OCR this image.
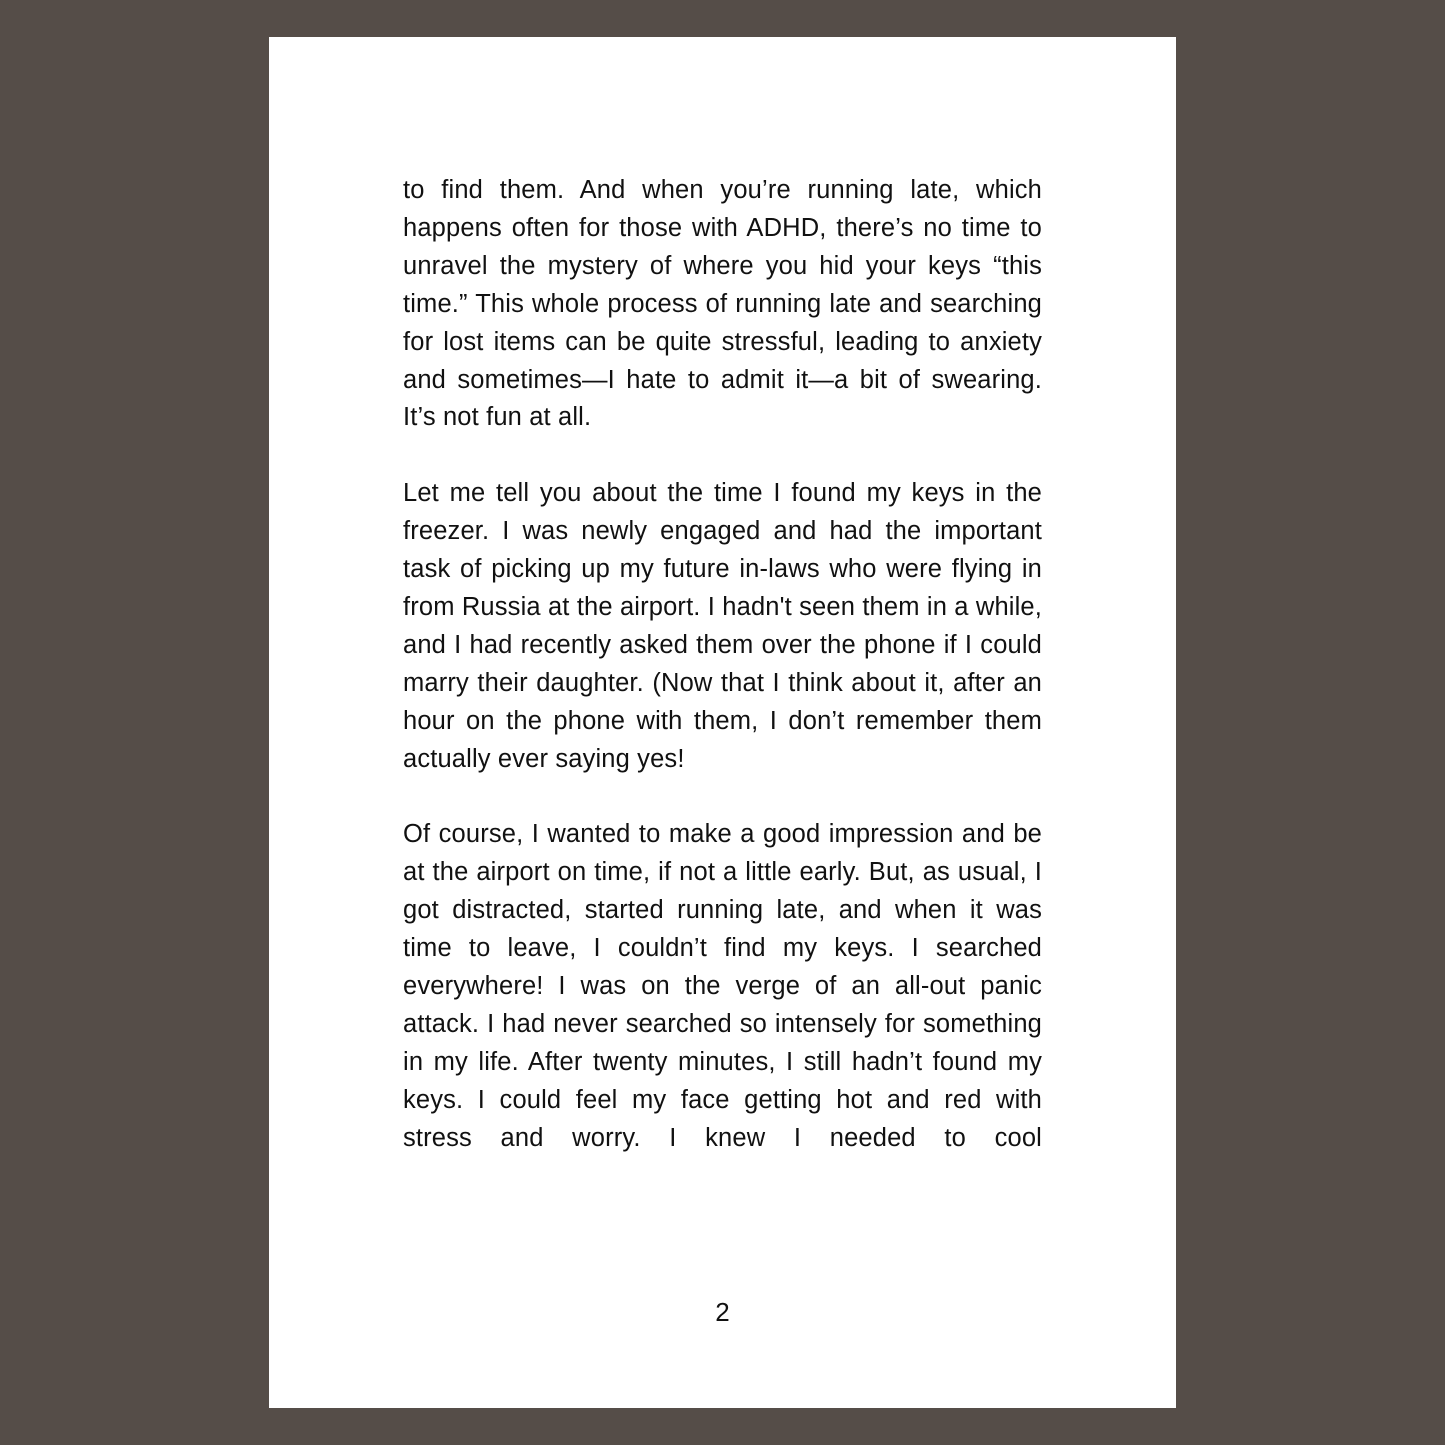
to find them. And when you’re running late, which happens often for those with ADHD, there’s no time to unravel the mystery of where you hid your keys “this time.” This whole process of running late and searching for lost items can be quite stressful, leading to anxiety and sometimes—I hate to admit it—a bit of swearing. It’s not fun at all.

Let me tell you about the time I found my keys in the freezer. I was newly engaged and had the important task of picking up my future in-laws who were flying in from Russia at the airport. I hadn't seen them in a while, and I had recently asked them over the phone if I could marry their daughter. (Now that I think about it, after an hour on the phone with them, I don’t remember them actually ever saying yes!

Of course, I wanted to make a good impression and be at the airport on time, if not a little early. But, as usual, I got distracted, started running late, and when it was time to leave, I couldn’t find my keys. I searched everywhere! I was on the verge of an all-out panic attack. I had never searched so intensely for something in my life. After twenty minutes, I still hadn’t found my keys. I could feel my face getting hot and red with stress and worry. I knew I needed to cool

2
